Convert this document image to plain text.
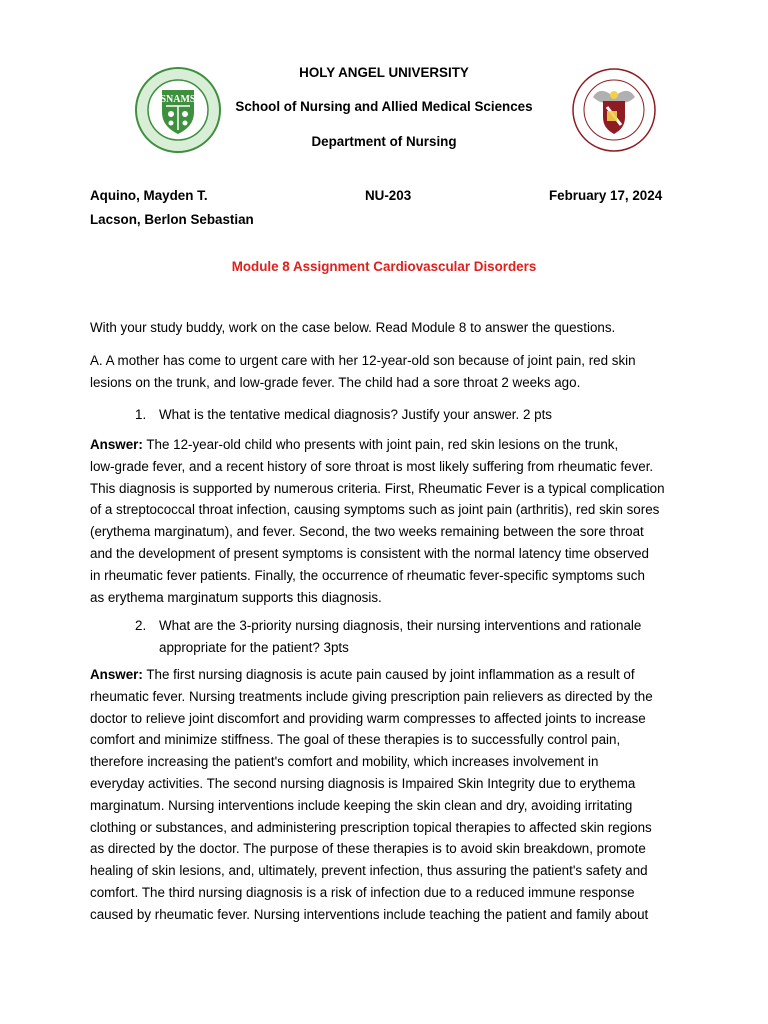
SNAMS
HOLY ANGEL UNIVERSITY
School of Nursing and Allied Medical Sciences
Department of Nursing
Aquino, Mayden T.
Lacson, Berlon Sebastian
NU-203	February 17, 2024
Module 8 Assignment Cardiovascular Disorders

With your study buddy, work on the case below. Read Module 8 to answer the questions.

A. A mother has come to urgent care with her 12-year-old son because of joint pain, red skin

lesions on the trunk, and low-grade fever. The child had a sore throat 2 weeks ago.

1. What is the tentative medical diagnosis? Justify your answer. 2 pts

Answer: The 12-year-old child who presents with joint pain, red skin lesions on the trunk,

low-grade fever, and a recent history of sore throat is most likely suffering from rheumatic fever.

This diagnosis is supported by numerous criteria. First, Rheumatic Fever is a typical complication

of a streptococcal throat infection, causing symptoms such as joint pain (arthritis), red skin sores

(erythema marginatum), and fever. Second, the two weeks remaining between the sore throat

and the development of present symptoms is consistent with the normal latency time observed

in rheumatic fever patients. Finally, the occurrence of rheumatic fever-specific symptoms such

as erythema marginatum supports this diagnosis.

2. What are the 3-priority nursing diagnosis, their nursing interventions and rationale

appropriate for the patient? 3pts

Answer: The first nursing diagnosis is acute pain caused by joint inflammation as a result of

rheumatic fever. Nursing treatments include giving prescription pain relievers as directed by the

doctor to relieve joint discomfort and providing warm compresses to affected joints to increase

comfort and minimize stiffness. The goal of these therapies is to successfully control pain,

therefore increasing the patient's comfort and mobility, which increases involvement in

everyday activities. The second nursing diagnosis is Impaired Skin Integrity due to erythema

marginatum. Nursing interventions include keeping the skin clean and dry, avoiding irritating

clothing or substances, and administering prescription topical therapies to affected skin regions

as directed by the doctor. The purpose of these therapies is to avoid skin breakdown, promote

healing of skin lesions, and, ultimately, prevent infection, thus assuring the patient's safety and

comfort. The third nursing diagnosis is a risk of infection due to a reduced immune response

caused by rheumatic fever. Nursing interventions include teaching the patient and family about
